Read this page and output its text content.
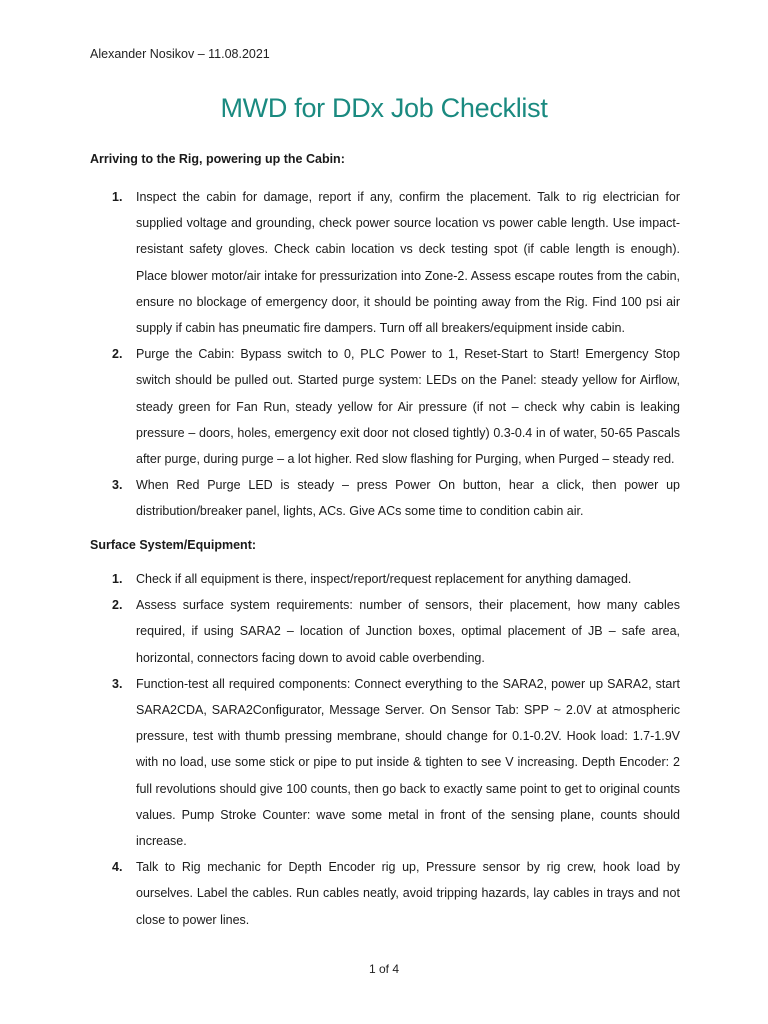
Alexander Nosikov – 11.08.2021
MWD for DDx Job Checklist

Arriving to the Rig, powering up the Cabin:

1. Inspect the cabin for damage, report if any, confirm the placement. Talk to rig electrician for supplied voltage and grounding, check power source location vs power cable length. Use impact-resistant safety gloves. Check cabin location vs deck testing spot (if cable length is enough). Place blower motor/air intake for pressurization into Zone-2. Assess escape routes from the cabin, ensure no blockage of emergency door, it should be pointing away from the Rig. Find 100 psi air supply if cabin has pneumatic fire dampers. Turn off all breakers/equipment inside cabin.
2. Purge the Cabin: Bypass switch to 0, PLC Power to 1, Reset-Start to Start! Emergency Stop switch should be pulled out. Started purge system: LEDs on the Panel: steady yellow for Airflow, steady green for Fan Run, steady yellow for Air pressure (if not – check why cabin is leaking pressure – doors, holes, emergency exit door not closed tightly) 0.3-0.4 in of water, 50-65 Pascals after purge, during purge – a lot higher. Red slow flashing for Purging, when Purged – steady red.
3. When Red Purge LED is steady – press Power On button, hear a click, then power up distribution/breaker panel, lights, ACs. Give ACs some time to condition cabin air.

Surface System/Equipment:

1. Check if all equipment is there, inspect/report/request replacement for anything damaged.
2. Assess surface system requirements: number of sensors, their placement, how many cables required, if using SARA2 – location of Junction boxes, optimal placement of JB – safe area, horizontal, connectors facing down to avoid cable overbending.
3. Function-test all required components: Connect everything to the SARA2, power up SARA2, start SARA2CDA, SARA2Configurator, Message Server. On Sensor Tab: SPP ~ 2.0V at atmospheric pressure, test with thumb pressing membrane, should change for 0.1-0.2V. Hook load: 1.7-1.9V with no load, use some stick or pipe to put inside & tighten to see V increasing. Depth Encoder: 2 full revolutions should give 100 counts, then go back to exactly same point to get to original counts values. Pump Stroke Counter: wave some metal in front of the sensing plane, counts should increase.
4. Talk to Rig mechanic for Depth Encoder rig up, Pressure sensor by rig crew, hook load by ourselves. Label the cables. Run cables neatly, avoid tripping hazards, lay cables in trays and not close to power lines.
1 of 4
